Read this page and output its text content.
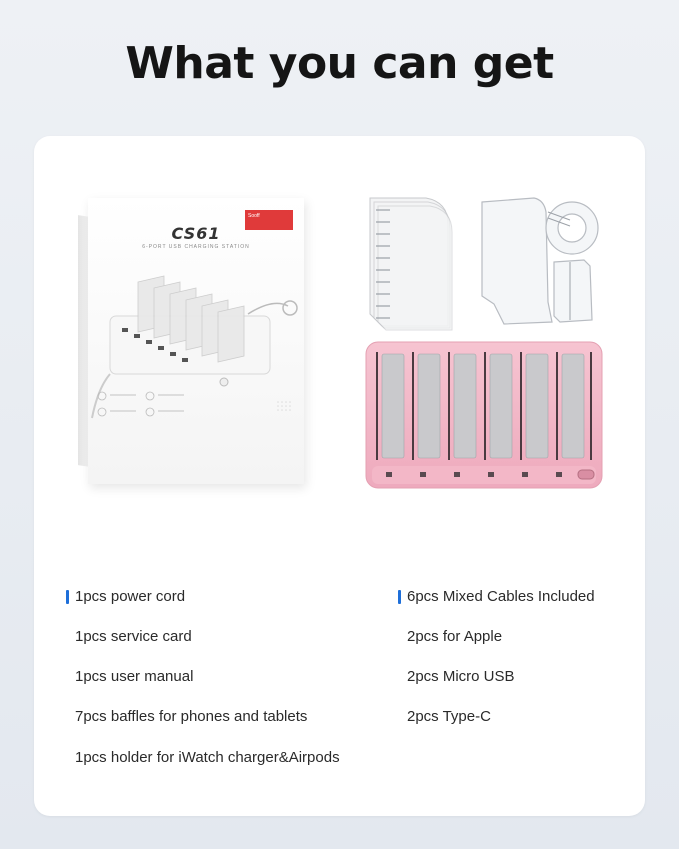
What you can get
Sooff
CS61
6-PORT USB CHARGING STATION
1pcs power cord
1pcs service card
1pcs user manual
7pcs baffles for phones and tablets
1pcs holder for iWatch charger&Airpods
6pcs Mixed Cables Included
2pcs for Apple
2pcs Micro USB
2pcs Type-C
